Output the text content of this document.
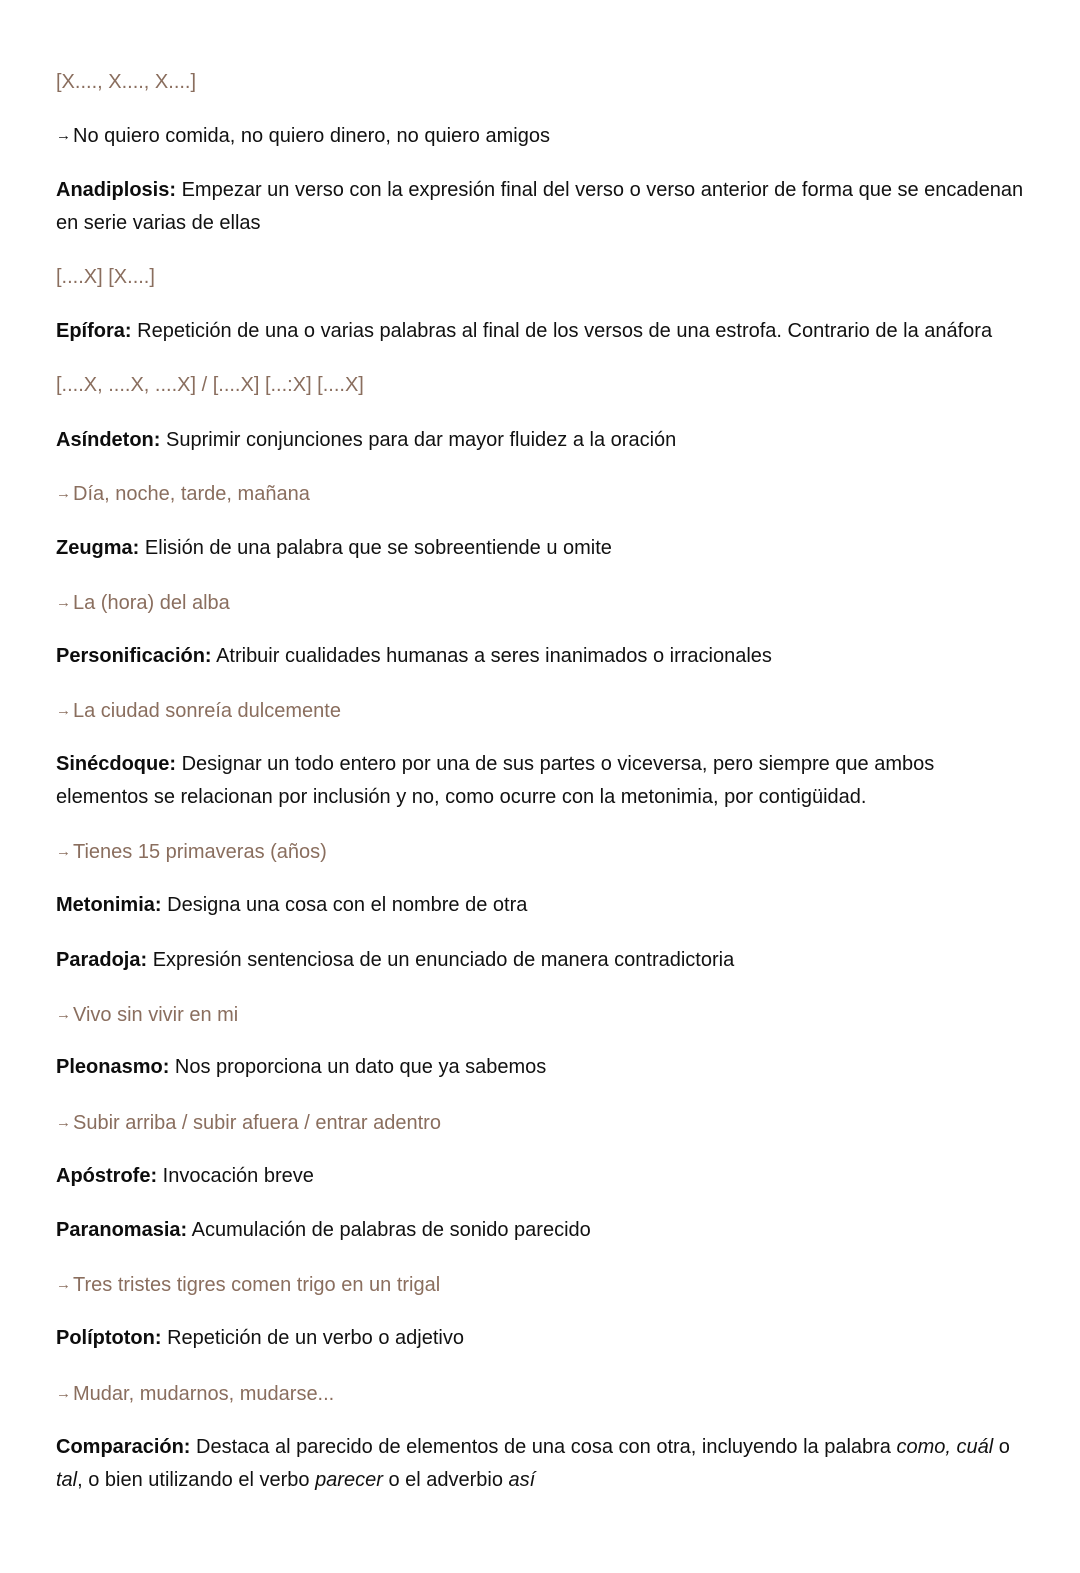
[X...., X...., X....]
→ No quiero comida, no quiero dinero, no quiero amigos
Anadiplosis: Empezar un verso con la expresión final del verso o verso anterior de forma que se encadenan en serie varias de ellas
[....X] [X....]
Epífora: Repetición de una o varias palabras al final de los versos de una estrofa. Contrario de la anáfora
[....X, ....X, ....X] / [....X] [...:X] [....X]
Asíndeton: Suprimir conjunciones para dar mayor fluidez a la oración
→ Día, noche, tarde, mañana
Zeugma: Elisión de una palabra que se sobreentiende u omite
→ La (hora) del alba
Personificación: Atribuir cualidades humanas a seres inanimados o irracionales
→ La ciudad sonreía dulcemente
Sinécdoque: Designar un todo entero por una de sus partes o viceversa, pero siempre que ambos elementos se relacionan por inclusión y no, como ocurre con la metonimia, por contigüidad.
→ Tienes 15 primaveras (años)
Metonimia: Designa una cosa con el nombre de otra
Paradoja: Expresión sentenciosa de un enunciado de manera contradictoria
→ Vivo sin vivir en mi
Pleonasmo: Nos proporciona un dato que ya sabemos
→ Subir arriba / subir afuera / entrar adentro
Apóstrofe: Invocación breve
Paranomasia: Acumulación de palabras de sonido parecido
→ Tres tristes tigres comen trigo en un trigal
Políptoton: Repetición de un verbo o adjetivo
→ Mudar, mudarnos, mudarse...
Comparación: Destaca al parecido de elementos de una cosa con otra, incluyendo la palabra como, cuál o tal, o bien utilizando el verbo parecer o el adverbio así
